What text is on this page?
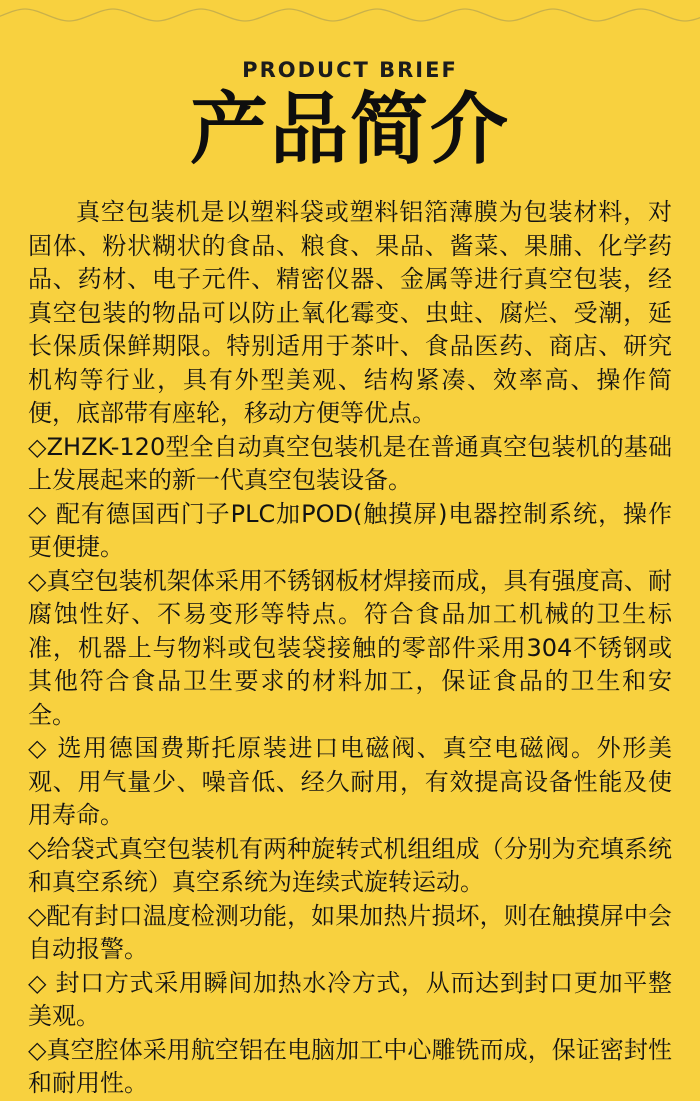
PRODUCT BRIEF
产品简介

真空包装机是以塑料袋或塑料铝箔薄膜为包装材料，对固体、粉状糊状的食品、粮食、果品、酱菜、果脯、化学药品、药材、电子元件、精密仪器、金属等进行真空包装，经真空包装的物品可以防止氧化霉变、虫蛀、腐烂、受潮，延长保质保鲜期限。特别适用于茶叶、食品医药、商店、研究机构等行业，具有外型美观、结构紧凑、效率高、操作简便，底部带有座轮，移动方便等优点。

◇ZHZK-120型全自动真空包装机是在普通真空包装机的基础上发展起来的新一代真空包装设备。

◇ 配有德国西门子PLC加POD(触摸屏)电器控制系统，操作更便捷。

◇真空包装机架体采用不锈钢板材焊接而成，具有强度高、耐腐蚀性好、不易变形等特点。符合食品加工机械的卫生标准，机器上与物料或包装袋接触的零部件采用304不锈钢或其他符合食品卫生要求的材料加工，保证食品的卫生和安全。

◇ 选用德国费斯托原装进口电磁阀、真空电磁阀。外形美观、用气量少、噪音低、经久耐用，有效提高设备性能及使用寿命。

◇给袋式真空包装机有两种旋转式机组组成（分别为充填系统和真空系统）真空系统为连续式旋转运动。

◇配有封口温度检测功能，如果加热片损坏，则在触摸屏中会自动报警。

◇ 封口方式采用瞬间加热水冷方式，从而达到封口更加平整美观。

◇真空腔体采用航空铝在电脑加工中心雕铣而成，保证密封性和耐用性。
